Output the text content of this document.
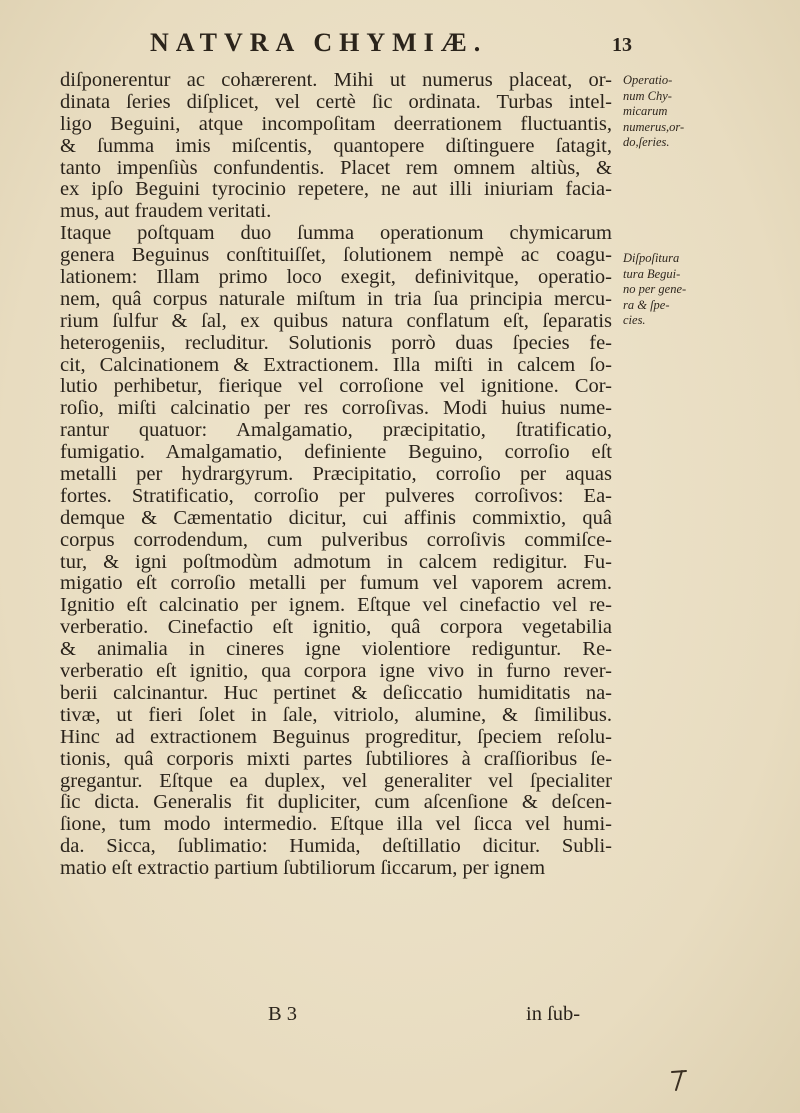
NATVRA CHYMIÆ.	13
diſponerentur ac cohærerent. Mihi ut numerus placeat, or-
dinata ſeries diſplicet, vel certè ſic ordinata. Turbas intel-
ligo Beguini, atque incompoſitam deerrationem fluctuantis,
& ſumma imis miſcentis, quantopere diſtinguere ſatagit,
tanto impenſiùs confundentis. Placet rem omnem altiùs, &
ex ipſo Beguini tyrocinio repetere, ne aut illi iniuriam facia-
mus, aut fraudem veritati.
Itaque poſtquam duo ſumma operationum chymicarum
genera Beguinus conſtituiſſet, ſolutionem nempè ac coagu-
lationem: Illam primo loco exegit, definivitque, operatio-
nem, quâ corpus naturale miſtum in tria ſua principia mercu-
rium ſulfur & ſal, ex quibus natura conflatum eſt, ſeparatis
heterogeniis, recluditur. Solutionis porrò duas ſpecies fe-
cit, Calcinationem & Extractionem. Illa miſti in calcem ſo-
lutio perhibetur, fierique vel corroſione vel ignitione. Cor-
roſio, miſti calcinatio per res corroſivas. Modi huius nume-
rantur quatuor: Amalgamatio, præcipitatio, ſtratificatio,
fumigatio. Amalgamatio, definiente Beguino, corroſio eſt
metalli per hydrargyrum. Præcipitatio, corroſio per aquas
fortes. Stratificatio, corroſio per pulveres corroſivos: Ea-
demque & Cæmentatio dicitur, cui affinis commixtio, quâ
corpus corrodendum, cum pulveribus corroſivis commiſce-
tur, & igni poſtmodùm admotum in calcem redigitur. Fu-
migatio eſt corroſio metalli per fumum vel vaporem acrem.
Ignitio eſt calcinatio per ignem. Eſtque vel cinefactio vel re-
verberatio. Cinefactio eſt ignitio, quâ corpora vegetabilia
& animalia in cineres igne violentiore rediguntur. Re-
verberatio eſt ignitio, qua corpora igne vivo in furno rever-
berii calcinantur. Huc pertinet & deſiccatio humiditatis na-
tivæ, ut fieri ſolet in ſale, vitriolo, alumine, & ſimilibus.
Hinc ad extractionem Beguinus progreditur, ſpeciem reſolu-
tionis, quâ corporis mixti partes ſubtiliores à craſſioribus ſe-
gregantur. Eſtque ea duplex, vel generaliter vel ſpecialiter
ſic dicta. Generalis fit dupliciter, cum aſcenſione & deſcen-
ſione, tum modo intermedio. Eſtque illa vel ſicca vel humi-
da. Sicca, ſublimatio: Humida, deſtillatio dicitur. Subli-
matio eſt extractio partium ſubtiliorum ſiccarum, per ignem
Operatio-
num Chy-
micarum
numerus,or-
do,ſeries.
Diſpoſitura
tura Begui-
no per gene-
ra & ſpe-
cies.
B 3	in ſub-
